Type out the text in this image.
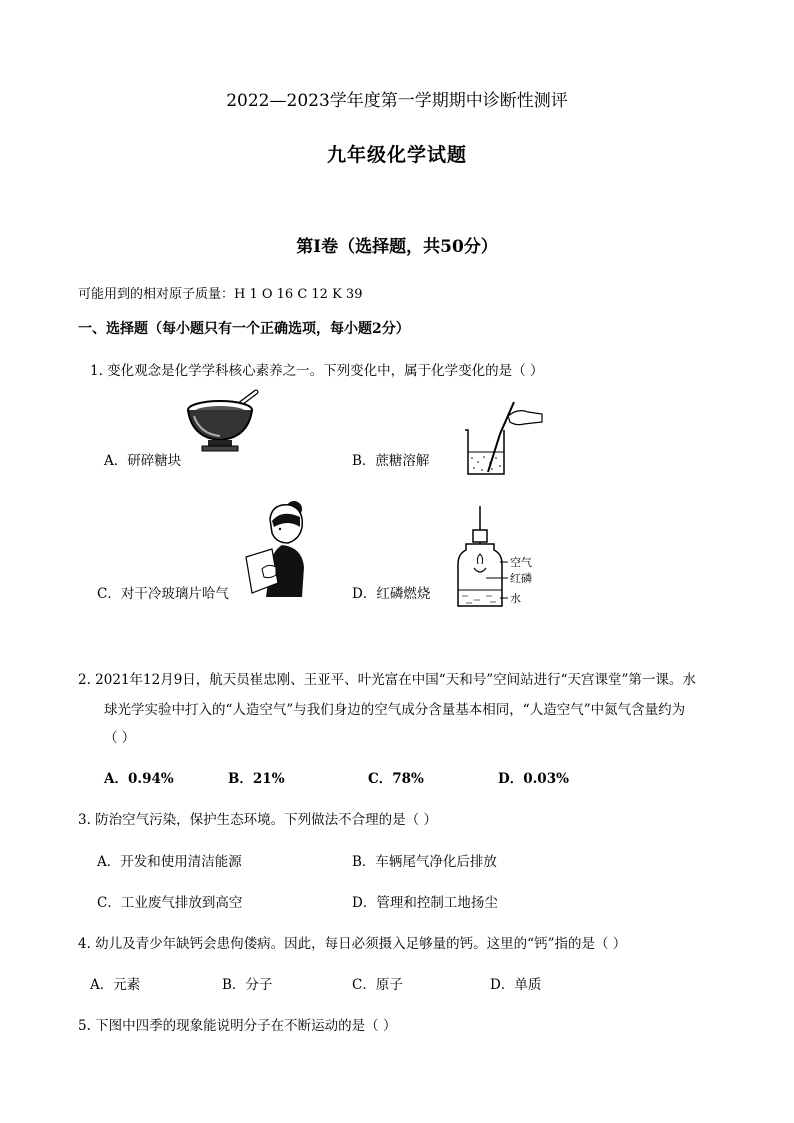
2022—2023学年度第一学期期中诊断性测评
九年级化学试题
第I卷（选择题，共50分）
可能用到的相对原子质量：H 1 O 16 C 12 K 39
一、选择题（每小题只有一个正确选项，每小题2分）
1. 变化观念是化学学科核心素养之一。下列变化中，属于化学变化的是（ ）
A．研碎糖块	B．蔗糖溶解
空气
红磷
水
C．对干冷玻璃片哈气	D．红磷燃烧
2. 2021年12月9日，航天员崔忠刚、王亚平、叶光富在中国“天和号”空间站进行“天宫课堂”第一课。水
球光学实验中打入的“人造空气”与我们身边的空气成分含量基本相同，“人造空气”中氮气含量约为
（ ）
A．0.94%	B．21%	C．78%	D．0.03%
3. 防治空气污染，保护生态环境。下列做法不合理的是（ ）
A．开发和使用清洁能源	B．车辆尾气净化后排放
C．工业废气排放到高空	D．管理和控制工地扬尘
4. 幼儿及青少年缺钙会患佝偻病。因此，每日必须摄入足够量的钙。这里的“钙”指的是（ ）
A．元素	B．分子	C．原子	D．单质
5. 下图中四季的现象能说明分子在不断运动的是（ ）
